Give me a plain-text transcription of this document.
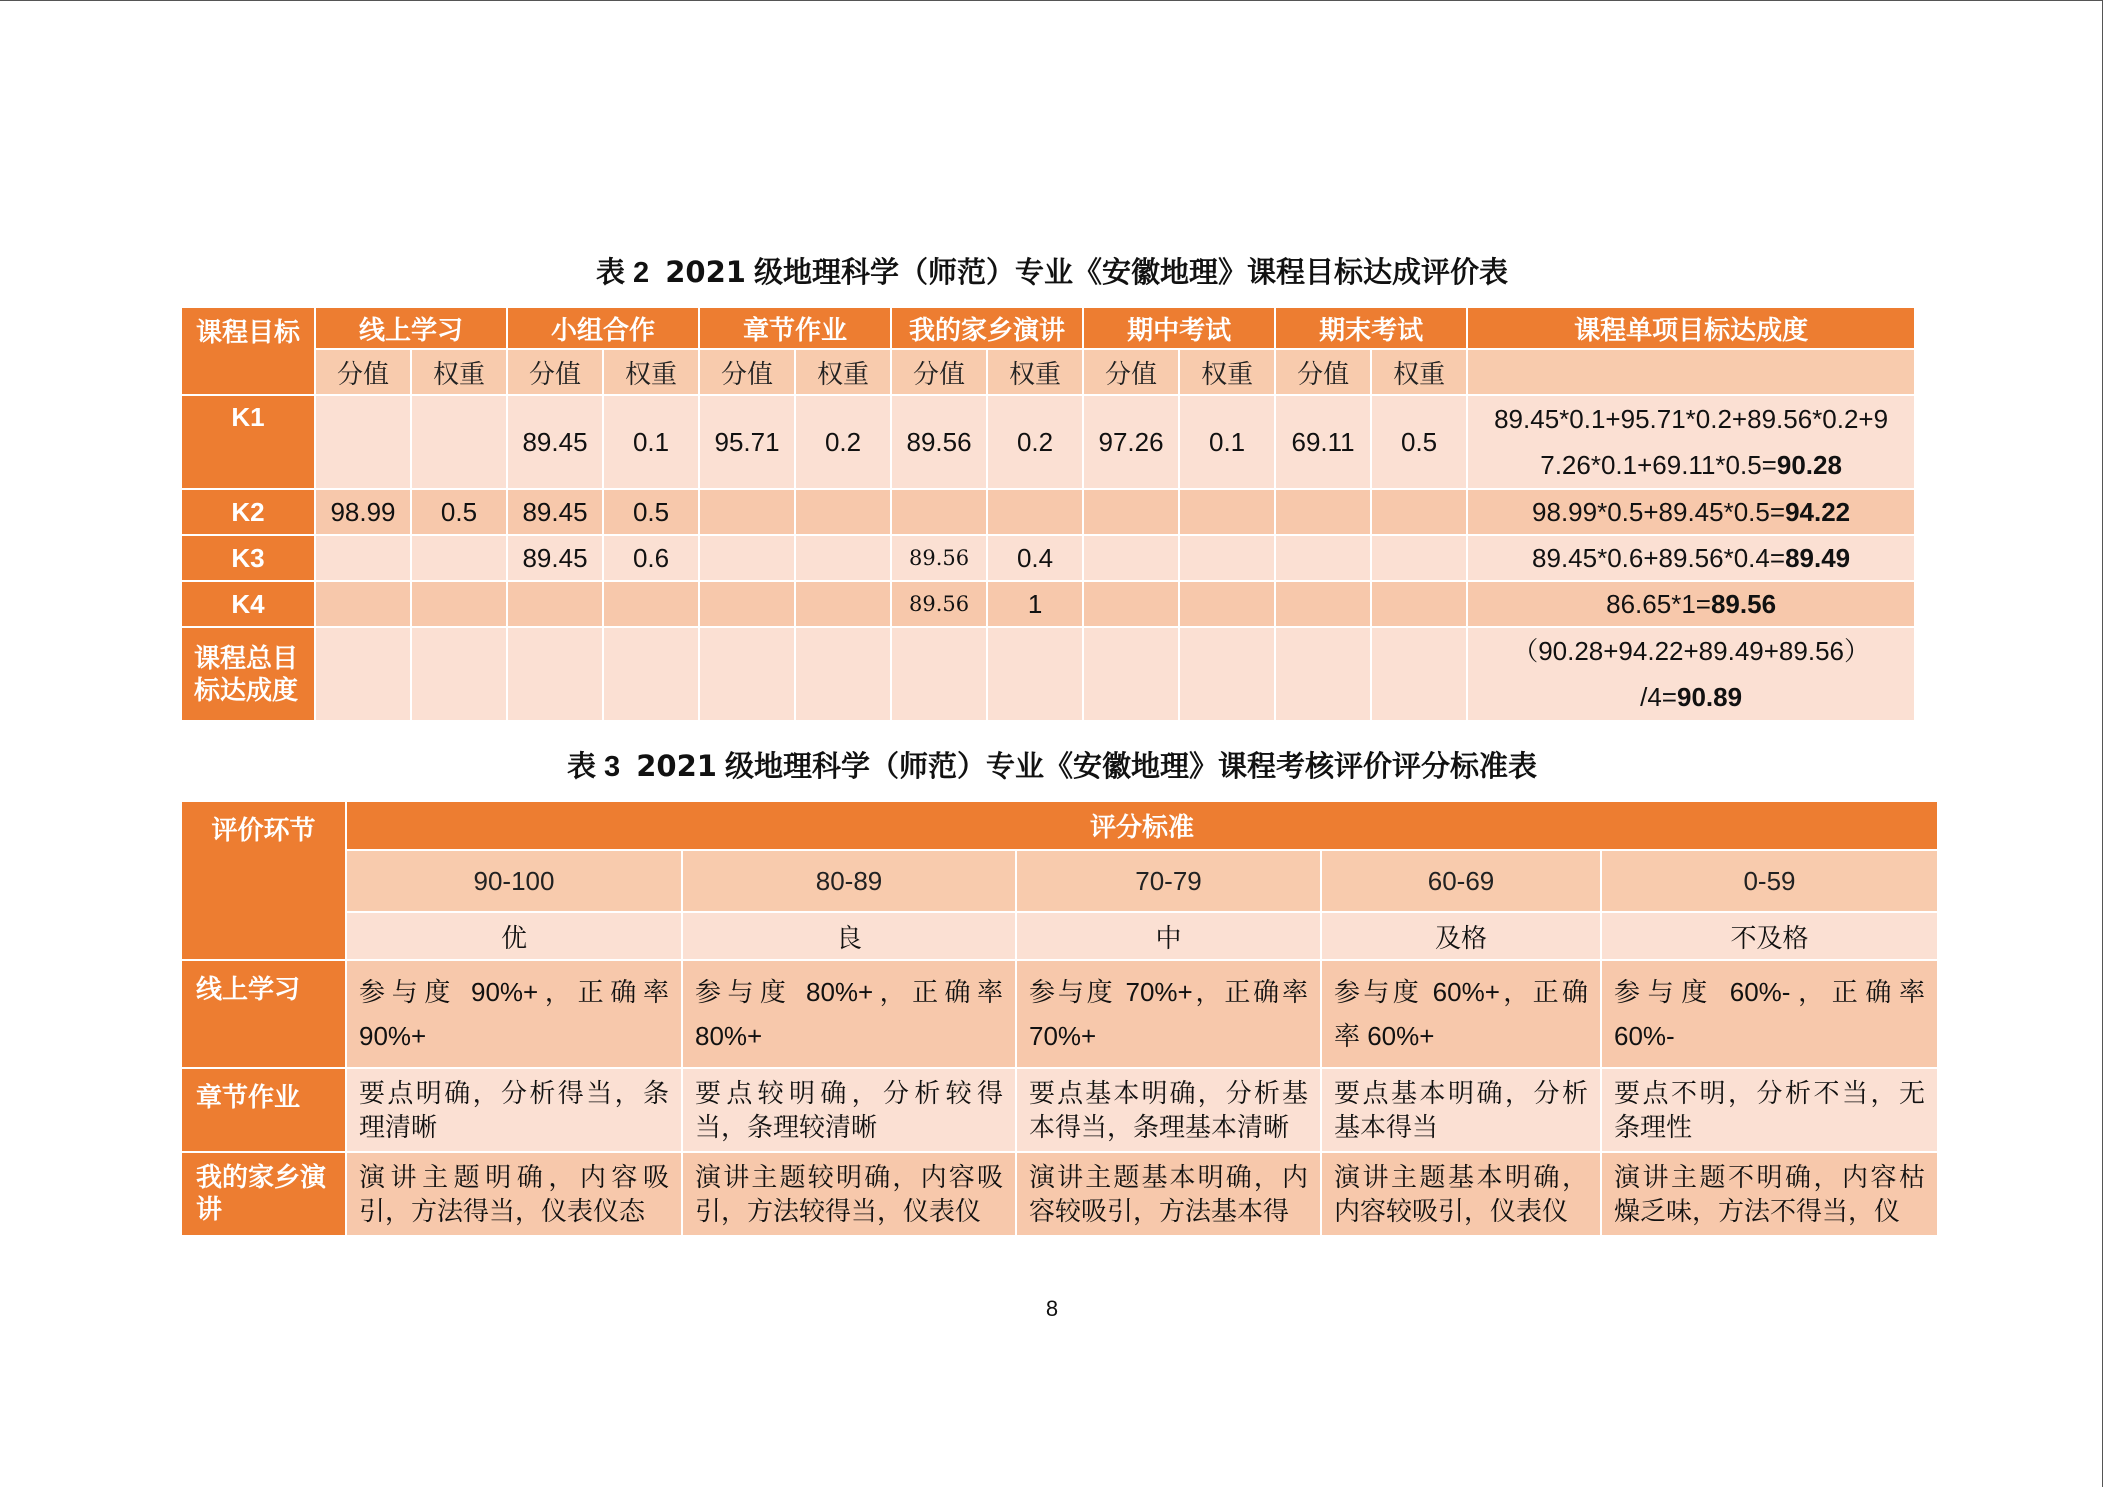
表 2 2021 级地理科学（师范）专业《安徽地理》课程目标达成评价表
课程目标	线上学习		小组合作		章节作业		我的家乡演讲		期中考试		期末考试		课程单项目标达成度
	分值	权重	分值	权重	分值	权重	分值	权重	分值	权重	分值	权重	
K1			89.45	0.1	95.71	0.2	89.56	0.2	97.26	0.1	69.11	0.5	89.45*0.1+95.71*0.2+89.56*0.2+9
7.26*0.1+69.11*0.5=90.28
K2	98.99	0.5	89.45	0.5									98.99*0.5+89.45*0.5=94.22
K3			89.45	0.6			89.56	0.4					89.45*0.6+89.56*0.4=89.49
K4							89.56	1					86.65*1=89.56
课程总目
标达成度													（90.28+94.22+89.49+89.56）
/4=90.89
表 3 2021 级地理科学（师范）专业《安徽地理》课程考核评价评分标准表
评价环节	评分标准				
	90-100	80-89	70-79	60-69	0-59
	优	良	中	及格	不及格
线上学习	参与度 90%+，正确率 90%+	参与度 80%+，正确率 80%+	参与度 70%+，正确率 70%+	参与度 60%+，正确率 60%+	参与度 60%-，正确率 60%-
章节作业	要点明确，分析得当，条理清晰	要点较明确，分析较得当，条理较清晰	要点基本明确，分析基本得当，条理基本清晰	要点基本明确，分析基本得当	要点不明，分析不当，无条理性
我的家乡演讲	演讲主题明确，内容吸引，方法得当，仪表仪态	演讲主题较明确，内容吸引，方法较得当，仪表仪	演讲主题基本明确，内容较吸引，方法基本得	演讲主题基本明确，内容较吸引，仪表仪	演讲主题不明确，内容枯燥乏味，方法不得当，仪
8
